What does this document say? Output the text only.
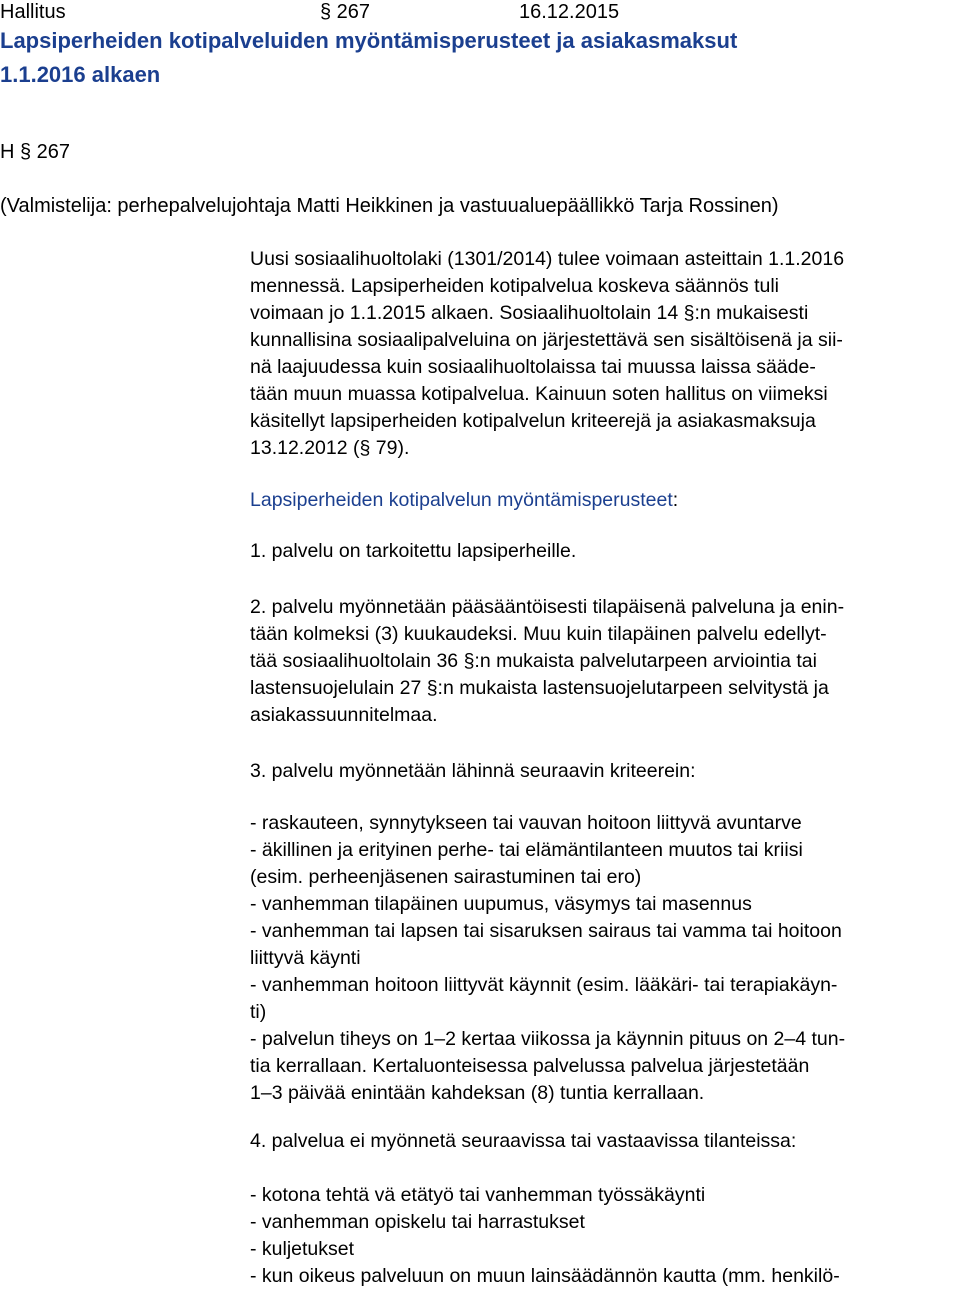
Hallitus	§ 267	16.12.2015
Lapsiperheiden kotipalveluiden myöntämisperusteet ja asiakasmaksut
1.1.2016 alkaen
H § 267
(Valmistelija: perhepalvelujohtaja Matti Heikkinen ja vastuualuepäällikkö Tarja Rossinen)
Uusi sosiaalihuoltolaki (1301/2014) tulee voimaan asteittain 1.1.2016
mennessä. Lapsiperheiden kotipalvelua koskeva säännös tuli
voimaan jo 1.1.2015 alkaen. Sosiaalihuoltolain 14 §:n mukaisesti
kunnallisina sosiaalipalveluina on järjestettävä sen sisältöisenä ja sii-
nä laajuudessa kuin sosiaalihuoltolaissa tai muussa laissa sääde-
tään muun muassa kotipalvelua. Kainuun soten hallitus on viimeksi
käsitellyt lapsiperheiden kotipalvelun kriteerejä ja asiakasmaksuja
13.12.2012 (§ 79).
Lapsiperheiden kotipalvelun myöntämisperusteet:
1. palvelu on tarkoitettu lapsiperheille.
2. palvelu myönnetään pääsääntöisesti tilapäisenä palveluna ja enin-
tään kolmeksi (3) kuukaudeksi. Muu kuin tilapäinen palvelu edellyt-
tää sosiaalihuoltolain 36 §:n mukaista palvelutarpeen arviointia tai
lastensuojelulain 27 §:n mukaista lastensuojelutarpeen selvitystä ja
asiakassuunnitelmaa.
3. palvelu myönnetään lähinnä seuraavin kriteerein:
- raskauteen, synnytykseen tai vauvan hoitoon liittyvä avuntarve
- äkillinen ja erityinen perhe- tai elämäntilanteen muutos tai kriisi
(esim. perheenjäsenen sairastuminen tai ero)
- vanhemman tilapäinen uupumus, väsymys tai masennus
- vanhemman tai lapsen tai sisaruksen sairaus tai vamma tai hoitoon
liittyvä käynti
- vanhemman hoitoon liittyvät käynnit (esim. lääkäri- tai terapiakäyn-
ti)
- palvelun tiheys on 1–2 kertaa viikossa ja käynnin pituus on 2–4 tun-
tia kerrallaan. Kertaluonteisessa palvelussa palvelua järjestetään
1–3 päivää enintään kahdeksan (8) tuntia kerrallaan.
4. palvelua ei myönnetä seuraavissa tai vastaavissa tilanteissa:
- kotona tehtä vä etätyö tai vanhemman työssäkäynti
- vanhemman opiskelu tai harrastukset
- kuljetukset
- kun oikeus palveluun on muun lainsäädännön kautta (mm. henkilö-
